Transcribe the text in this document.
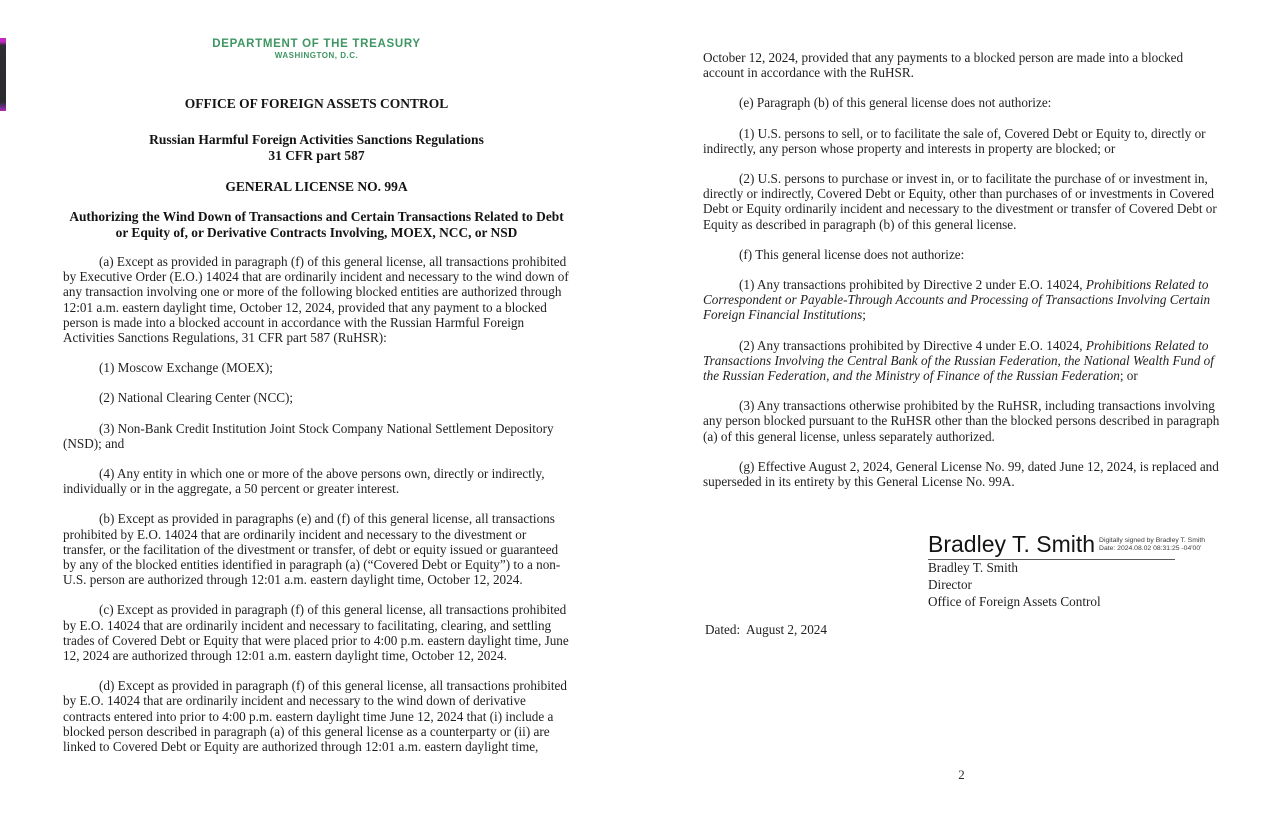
DEPARTMENT OF THE TREASURY
WASHINGTON, D.C.
OFFICE OF FOREIGN ASSETS CONTROL
Russian Harmful Foreign Activities Sanctions Regulations
31 CFR part 587
GENERAL LICENSE NO. 99A
Authorizing the Wind Down of Transactions and Certain Transactions Related to Debt or Equity of, or Derivative Contracts Involving, MOEX, NCC, or NSD

(a) Except as provided in paragraph (f) of this general license, all transactions prohibited by Executive Order (E.O.) 14024 that are ordinarily incident and necessary to the wind down of any transaction involving one or more of the following blocked entities are authorized through 12:01 a.m. eastern daylight time, October 12, 2024, provided that any payment to a blocked person is made into a blocked account in accordance with the Russian Harmful Foreign Activities Sanctions Regulations, 31 CFR part 587 (RuHSR):

(1) Moscow Exchange (MOEX);

(2) National Clearing Center (NCC);

(3) Non-Bank Credit Institution Joint Stock Company National Settlement Depository (NSD); and

(4) Any entity in which one or more of the above persons own, directly or indirectly, individually or in the aggregate, a 50 percent or greater interest.

(b) Except as provided in paragraphs (e) and (f) of this general license, all transactions prohibited by E.O. 14024 that are ordinarily incident and necessary to the divestment or transfer, or the facilitation of the divestment or transfer, of debt or equity issued or guaranteed by any of the blocked entities identified in paragraph (a) (“Covered Debt or Equity”) to a non-U.S. person are authorized through 12:01 a.m. eastern daylight time, October 12, 2024.

(c) Except as provided in paragraph (f) of this general license, all transactions prohibited by E.O. 14024 that are ordinarily incident and necessary to facilitating, clearing, and settling trades of Covered Debt or Equity that were placed prior to 4:00 p.m. eastern daylight time, June 12, 2024 are authorized through 12:01 a.m. eastern daylight time, October 12, 2024.

(d) Except as provided in paragraph (f) of this general license, all transactions prohibited by E.O. 14024 that are ordinarily incident and necessary to the wind down of derivative contracts entered into prior to 4:00 p.m. eastern daylight time June 12, 2024 that (i) include a blocked person described in paragraph (a) of this general license as a counterparty or (ii) are linked to Covered Debt or Equity are authorized through 12:01 a.m. eastern daylight time,

October 12, 2024, provided that any payments to a blocked person are made into a blocked account in accordance with the RuHSR.

(e) Paragraph (b) of this general license does not authorize:

(1) U.S. persons to sell, or to facilitate the sale of, Covered Debt or Equity to, directly or indirectly, any person whose property and interests in property are blocked; or

(2) U.S. persons to purchase or invest in, or to facilitate the purchase of or investment in, directly or indirectly, Covered Debt or Equity, other than purchases of or investments in Covered Debt or Equity ordinarily incident and necessary to the divestment or transfer of Covered Debt or Equity as described in paragraph (b) of this general license.

(f) This general license does not authorize:

(1) Any transactions prohibited by Directive 2 under E.O. 14024, Prohibitions Related to Correspondent or Payable-Through Accounts and Processing of Transactions Involving Certain Foreign Financial Institutions;

(2) Any transactions prohibited by Directive 4 under E.O. 14024, Prohibitions Related to Transactions Involving the Central Bank of the Russian Federation, the National Wealth Fund of the Russian Federation, and the Ministry of Finance of the Russian Federation; or

(3) Any transactions otherwise prohibited by the RuHSR, including transactions involving any person blocked pursuant to the RuHSR other than the blocked persons described in paragraph (a) of this general license, unless separately authorized.

(g) Effective August 2, 2024, General License No. 99, dated June 12, 2024, is replaced and superseded in its entirety by this General License No. 99A.

Bradley T. Smith Digitally signed by Bradley T. Smith
Date: 2024.08.02 08:31:25 -04'00'
Bradley T. Smith
Director
Office of Foreign Assets Control
Dated:  August 2, 2024
2
